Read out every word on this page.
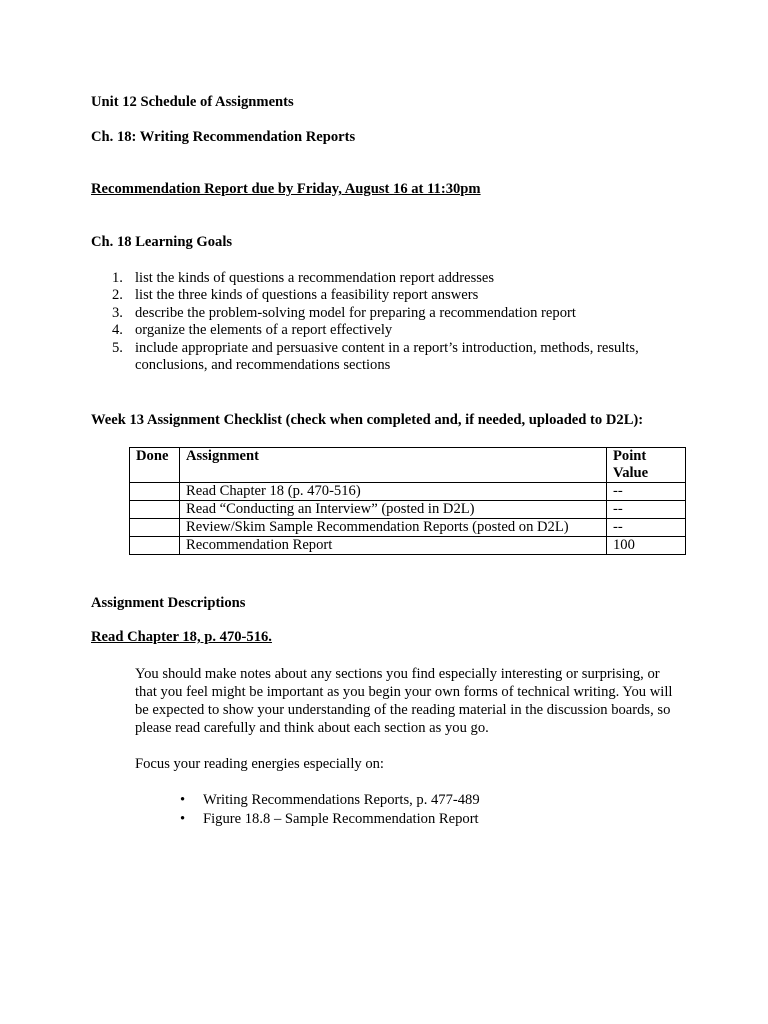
Unit 12 Schedule of Assignments

Ch. 18: Writing Recommendation Reports

Recommendation Report due by Friday, August 16 at 11:30pm

Ch. 18 Learning Goals

1. list the kinds of questions a recommendation report addresses
2. list the three kinds of questions a feasibility report answers
3. describe the problem-solving model for preparing a recommendation report
4. organize the elements of a report effectively
5. include appropriate and persuasive content in a report’s introduction, methods, results, conclusions, and recommendations sections

Week 13 Assignment Checklist (check when completed and, if needed, uploaded to D2L):

Done	Assignment	Point Value
	Read Chapter 18 (p. 470-516)	--
	Read “Conducting an Interview” (posted in D2L)	--
	Review/Skim Sample Recommendation Reports (posted on D2L)	--
	Recommendation Report	100

Assignment Descriptions

Read Chapter 18, p. 470-516.

You should make notes about any sections you find especially interesting or surprising, or that you feel might be important as you begin your own forms of technical writing. You will be expected to show your understanding of the reading material in the discussion boards, so please read carefully and think about each section as you go.

Focus your reading energies especially on:

• Writing Recommendations Reports, p. 477-489
• Figure 18.8 – Sample Recommendation Report
